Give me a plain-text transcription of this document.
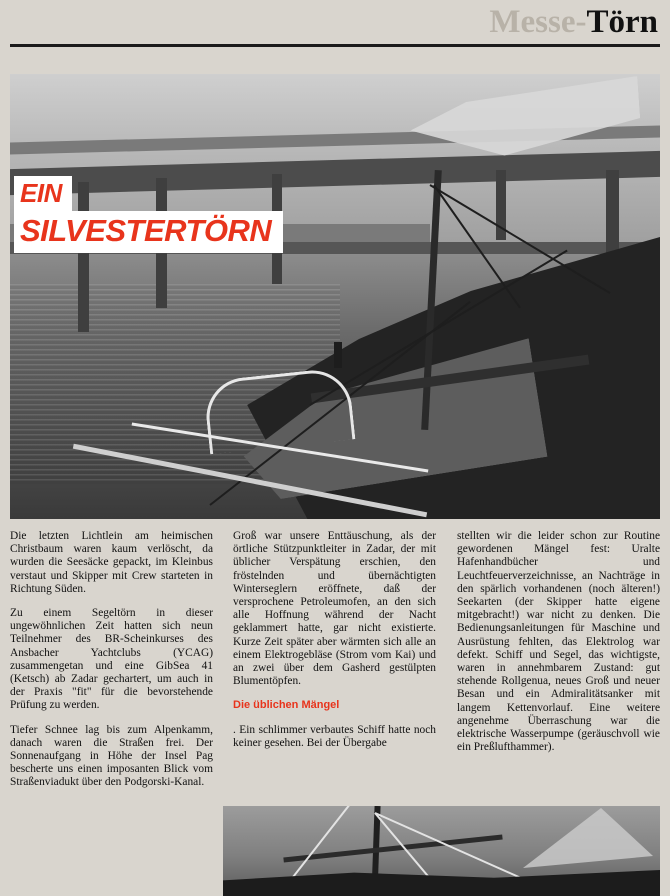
Messe-Törn
EIN
SILVESTERTÖRN

Die letzten Lichtlein am heimischen Christbaum waren kaum verlöscht, da wurden die Seesäcke gepackt, im Kleinbus verstaut und Skipper mit Crew starteten in Richtung Süden.

Zu einem Segeltörn in dieser ungewöhnlichen Zeit hatten sich neun Teilnehmer des BR-Scheinkurses des Ansbacher Yachtclubs (YCAG) zusammengetan und eine GibSea 41 (Ketsch) ab Zadar gechartert, um auch in der Praxis "fit" für die bevorstehende Prüfung zu werden.

Tiefer Schnee lag bis zum Alpenkamm, danach waren die Straßen frei. Der Sonnenaufgang in Höhe der Insel Pag bescherte uns einen imposanten Blick vom Straßenviadukt über den Podgorski-Kanal.

Groß war unsere Enttäuschung, als der örtliche Stützpunktleiter in Zadar, der mit üblicher Verspätung erschien, den fröstelnden und übernächtigten Winterseglern eröffnete, daß der versprochene Petroleumofen, an den sich alle Hoffnung während der Nacht geklammert hatte, gar nicht existierte. Kurze Zeit später aber wärmten sich alle an einem Elektrogebläse (Strom vom Kai) und an zwei über dem Gasherd gestülpten Blumentöpfen.

Die üblichen Mängel

. Ein schlimmer verbautes Schiff hatte noch keiner gesehen. Bei der Übergabe

stellten wir die leider schon zur Routine gewordenen Mängel fest: Uralte Hafenhandbücher und Leuchtfeuerverzeichnisse, an Nachträge in den spärlich vorhandenen (noch älteren!) Seekarten (der Skipper hatte eigene mitgebracht!) war nicht zu denken. Die Bedienungsanleitungen für Maschine und Ausrüstung fehlten, das Elektrolog war defekt. Schiff und Segel, das wichtigste, waren in annehmbarem Zustand: gut stehende Rollgenua, neues Groß und neuer Besan und ein Admiralitätsanker mit langem Kettenvorlauf. Eine weitere angenehme Überraschung war die elektrische Wasserpumpe (geräuschvoll wie ein Preßlufthammer).
